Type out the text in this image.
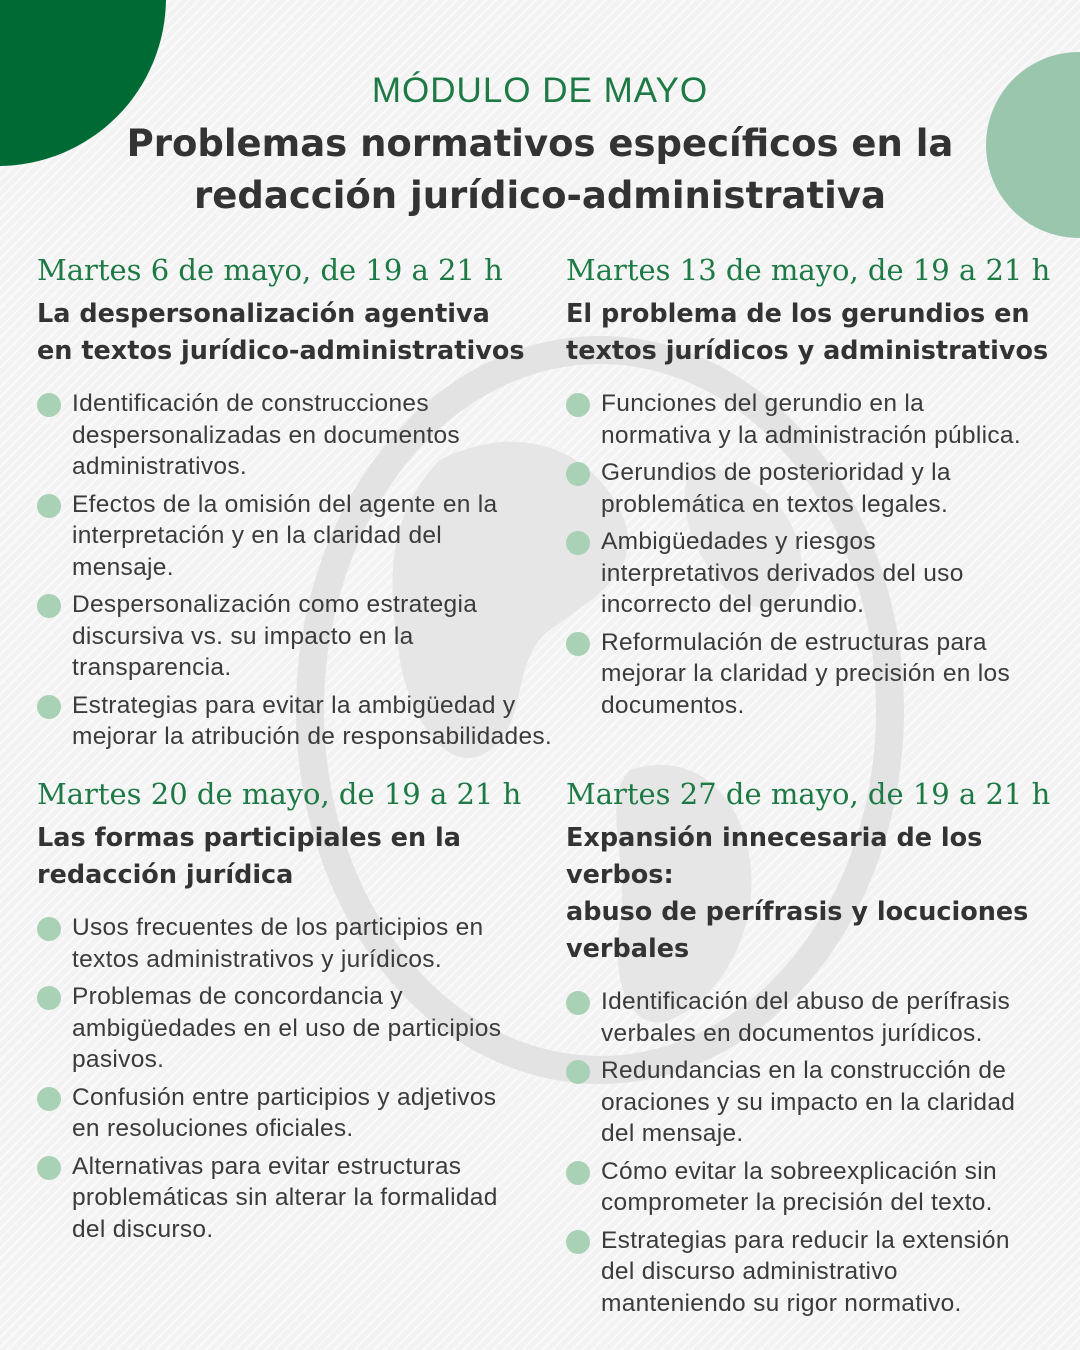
MÓDULO DE MAYO
Problemas normativos específicos en la
redacción jurídico-administrativa
Martes 6 de mayo, de 19 a 21 h
La despersonalización agentiva
en textos jurídico-administrativos
Identificación de construcciones
despersonalizadas en documentos
administrativos.
Efectos de la omisión del agente en la
interpretación y en la claridad del
mensaje.
Despersonalización como estrategia
discursiva vs. su impacto en la
transparencia.
Estrategias para evitar la ambigüedad y
mejorar la atribución de responsabilidades.
Martes 13 de mayo, de 19 a 21 h
El problema de los gerundios en
textos jurídicos y administrativos
Funciones del gerundio en la
normativa y la administración pública.
Gerundios de posterioridad y la
problemática en textos legales.
Ambigüedades y riesgos
interpretativos derivados del uso
incorrecto del gerundio.
Reformulación de estructuras para
mejorar la claridad y precisión en los
documentos.
Martes 20 de mayo, de 19 a 21 h
Las formas participiales en la
redacción jurídica
Usos frecuentes de los participios en
textos administrativos y jurídicos.
Problemas de concordancia y
ambigüedades en el uso de participios
pasivos.
Confusión entre participios y adjetivos
en resoluciones oficiales.
Alternativas para evitar estructuras
problemáticas sin alterar la formalidad
del discurso.
Martes 27 de mayo, de 19 a 21 h
Expansión innecesaria de los verbos:
abuso de perífrasis y locuciones
verbales
Identificación del abuso de perífrasis
verbales en documentos jurídicos.
Redundancias en la construcción de
oraciones y su impacto en la claridad
del mensaje.
Cómo evitar la sobreexplicación sin
comprometer la precisión del texto.
Estrategias para reducir la extensión
del discurso administrativo
manteniendo su rigor normativo.
